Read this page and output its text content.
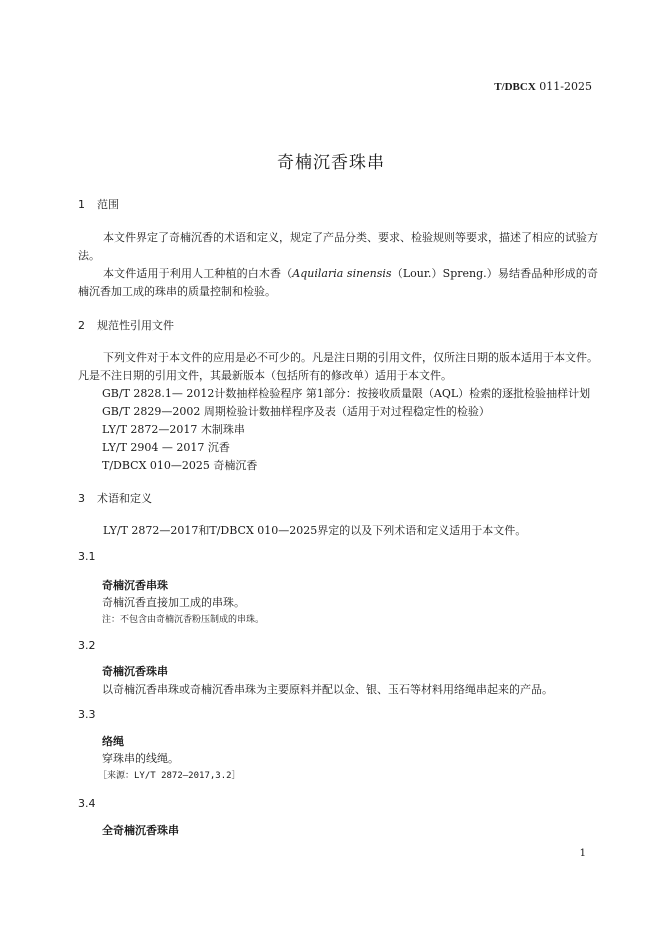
T/DBCX 011-2025
奇楠沉香珠串
1 范围
本文件界定了奇楠沉香的术语和定义，规定了产品分类、要求、检验规则等要求，描述了相应的试验方法。
本文件适用于利用人工种植的白木香（Aquilaria sinensis（Lour.）Spreng.）易结香品种形成的奇楠沉香加工成的珠串的质量控制和检验。
2 规范性引用文件
下列文件对于本文件的应用是必不可少的。凡是注日期的引用文件，仅所注日期的版本适用于本文件。凡是不注日期的引用文件，其最新版本（包括所有的修改单）适用于本文件。
GB/T 2828.1— 2012计数抽样检验程序 第1部分：按接收质量限（AQL）检索的逐批检验抽样计划
GB/T 2829—2002 周期检验计数抽样程序及表（适用于对过程稳定性的检验）
LY/T 2872—2017 木制珠串
LY/T 2904 — 2017 沉香
T/DBCX 010—2025 奇楠沉香
3 术语和定义
LY/T 2872—2017和T/DBCX 010—2025界定的以及下列术语和定义适用于本文件。
3.1
奇楠沉香串珠
奇楠沉香直接加工成的串珠。
注：不包含由奇楠沉香粉压制成的串珠。
3.2
奇楠沉香珠串
以奇楠沉香串珠或奇楠沉香串珠为主要原料并配以金、银、玉石等材料用络绳串起来的产品。
3.3
络绳
穿珠串的线绳。
［来源：LY/T 2872—2017,3.2］
3.4
全奇楠沉香珠串
1
